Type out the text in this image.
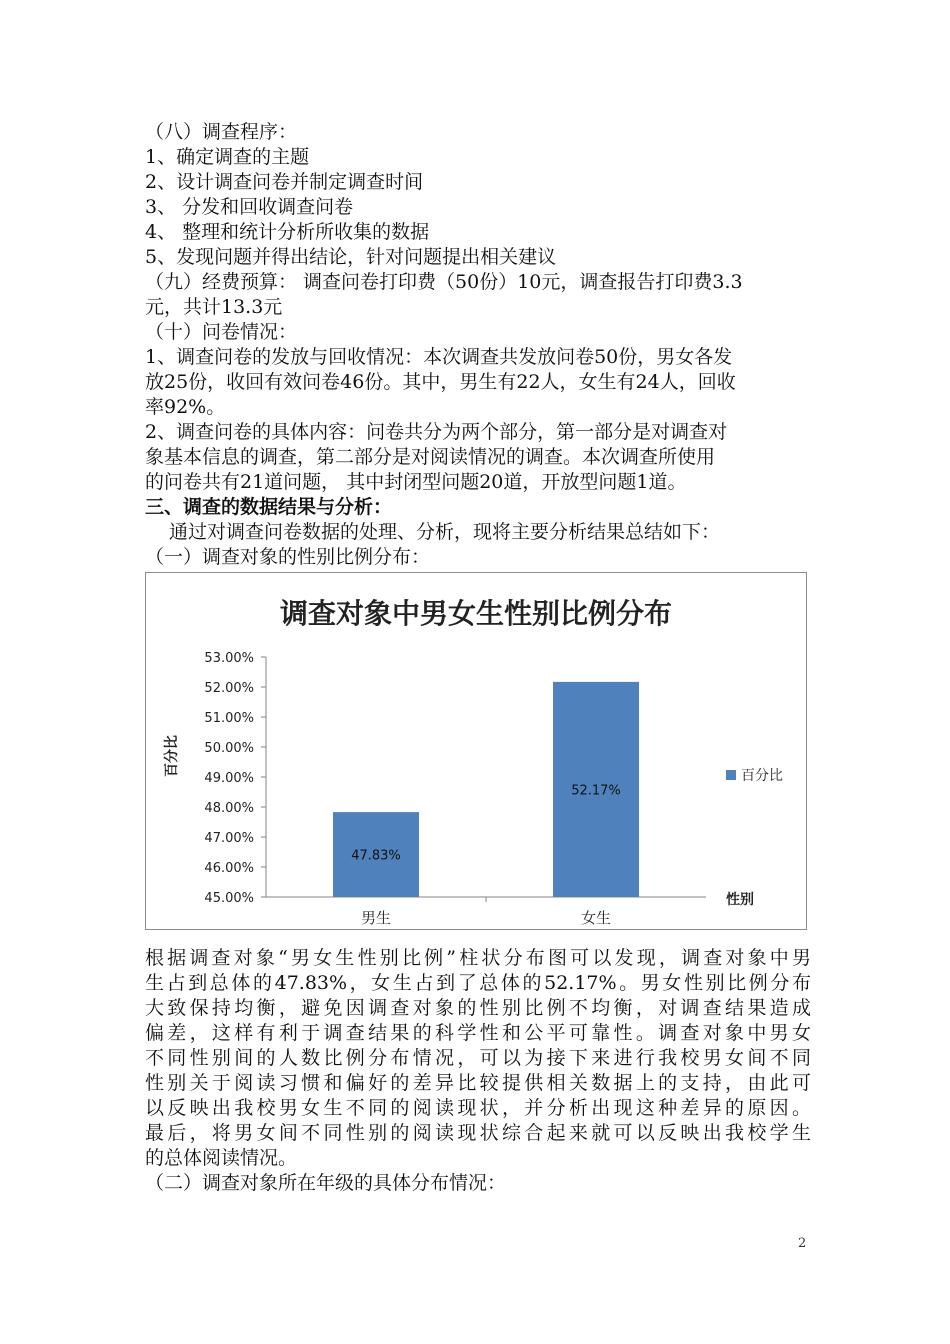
（八）调查程序：
1、确定调查的主题
2、设计调查问卷并制定调查时间
3、 分发和回收调查问卷
4、 整理和统计分析所收集的数据
5、发现问题并得出结论，针对问题提出相关建议
（九）经费预算： 调查问卷打印费（50份）10元，调查报告打印费3.3
元，共计13.3元
（十）问卷情况：
1、调查问卷的发放与回收情况：本次调查共发放问卷50份，男女各发
放25份，收回有效问卷46份。其中，男生有22人，女生有24人，回收
率92%。
2、调查问卷的具体内容：问卷共分为两个部分，第一部分是对调查对
象基本信息的调查，第二部分是对阅读情况的调查。本次调查所使用
的问卷共有21道问题， 其中封闭型问题20道，开放型问题1道。
三、调查的数据结果与分析：
通过对调查问卷数据的处理、分析，现将主要分析结果总结如下：
（一）调查对象的性别比例分布：
调查对象中男女生性别比例分布
45.00%
46.00%
47.00%
48.00%
49.00%
50.00%
51.00%
52.00%
53.00%
47.83%
52.17%
男生	女生
百分比
性别
百分比
根据调查对象“男女生性别比例”柱状分布图可以发现，调查对象中男
生占到总体的47.83%，女生占到了总体的52.17%。男女性别比例分布
大致保持均衡，避免因调查对象的性别比例不均衡，对调查结果造成
偏差，这样有利于调查结果的科学性和公平可靠性。调查对象中男女
不同性别间的人数比例分布情况，可以为接下来进行我校男女间不同
性别关于阅读习惯和偏好的差异比较提供相关数据上的支持，由此可
以反映出我校男女生不同的阅读现状，并分析出现这种差异的原因。
最后，将男女间不同性别的阅读现状综合起来就可以反映出我校学生
的总体阅读情况。
（二）调查对象所在年级的具体分布情况：
2
